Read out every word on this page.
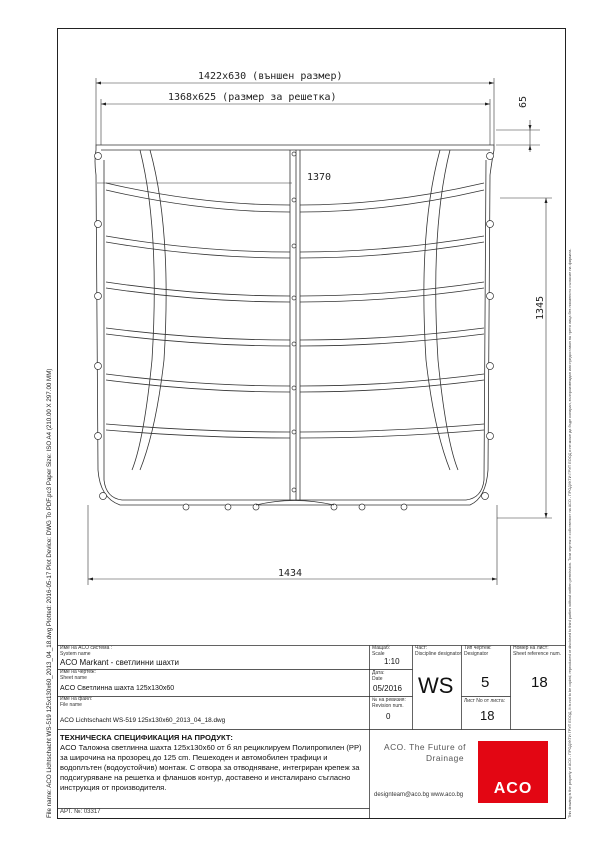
1422x630 (външен размер)
1368x625 (размер за решетка)	65
1370
1345
1434
Име на ACO система :
System name
ACO Markant - светлинни шахти
Име на чертеж:
Sheet name
ACO Светлинна шахта 125x130x60
Име на файл:
File name
ACO Lichtschacht WS-519 125x130x60_2013_04_18.dwg
Мащаб:
Scale
1:10
Дата:
Date
05/2016
№ на ревизия:
Revision num.
0
Част:
Discipline designator
WS
Тип чертеж:
Designator
5
Лист No от листа:
18
Номер на лист:
Sheet reference num.
18
ТЕХНИЧЕСКА СПЕЦИФИКАЦИЯ НА ПРОДУКТ:
ACO Таложна светлинна шахта 125x130x60 от б ял рециклируем Полипропилен (РР) за широчина на прозорец до 125 cm. Пешеходен и автомобилен трафици и водоплътен (водоустойчив) монтаж. С отвора за отводняване, интегриран крепеж за подсигуряване на решетка и фланшов контур, доставено и инсталирано съгласно инструкция от производителя.
АРТ. №: 03317
ACO. The Future of
Drainage
designteam@aco.bg www.aco.bg	ACO
File name: ACO Lichtschacht WS-519 125x130x60_2013_04_18.dwg Plotted: 2016-05-17 Plot Device: DWG To PDF.pc3 Paper Size: ISO A4 (210.00 X 297.00 MM)	This drawing is the property of ACO - ПРОДУКТИ ГРУП ЕООД. It is not to be copied, reproduced or disclosed to third parties without written permission. Този чертеж е собственост на АСО - ПРОДУКТИ ГРУП ЕООД и не може да бъде копиран, възпроизвеждан или предоставян на трети лица без писменото съгласие на фирмата.
